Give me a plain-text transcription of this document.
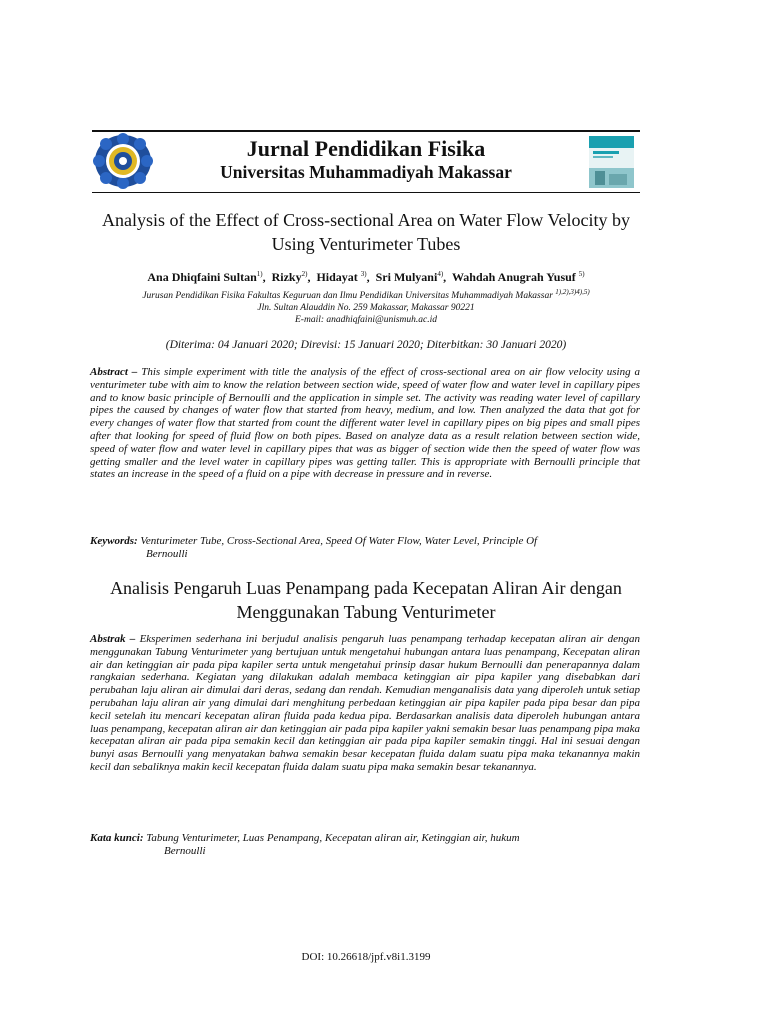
Jurnal Pendidikan Fisika
Universitas Muhammadiyah Makassar
Analysis of the Effect of Cross-sectional Area on Water Flow Velocity by Using Venturimeter Tubes
Ana Dhiqfaini Sultan$^{1)}$,  Rizky$^{2)}$,  Hidayat $^{3)}$,  Sri Mulyani$^{4)}$,  Wahdah Anugrah Yusuf $^{5)}$
Jurusan Pendidikan Fisika Fakultas Keguruan dan Ilmu Pendidikan Universitas Muhammadiyah Makassar $^{1),2),3)4),5)}$
Jln. Sultan Alauddin No. 259 Makassar, Makassar 90221
E-mail: anadhiqfaini@unismuh.ac.id
(Diterima: 04 Januari 2020; Direvisi: 15 Januari 2020; Diterbitkan: 30 Januari 2020)
Abstract – This simple experiment with title the analysis of the effect of cross-sectional area on air flow velocity using a venturimeter tube with aim to know the relation between section wide, speed of water flow and water level in capillary pipes and to know basic principle of Bernoulli and the application in simple set. The activity was reading water level of capillary pipes the caused by changes of water flow that started from heavy, medium, and low. Then analyzed the data that got for every changes of water flow that started from count the different water level in capillary pipes on big pipes and small pipes after that looking for speed of fluid flow on both pipes. Based on analyze data as a result relation between section wide, speed of water flow and water level in capillary pipes that was as bigger of section wide then the speed of water flow was getting smaller and the level water in capillary pipes was getting taller. This is appropriate with Bernoulli principle that states an increase in the speed of a fluid on a pipe with decrease in pressure and in reverse.
Keywords: Venturimeter Tube, Cross-Sectional Area, Speed Of Water Flow, Water Level, Principle Of
Bernoulli
Analisis Pengaruh Luas Penampang pada Kecepatan Aliran Air dengan Menggunakan Tabung Venturimeter
Abstrak – Eksperimen sederhana ini berjudul analisis pengaruh luas penampang terhadap kecepatan aliran air dengan menggunakan Tabung Venturimeter yang bertujuan untuk mengetahui hubungan antara luas penampang, Kecepatan aliran air dan ketinggian air pada pipa kapiler serta untuk mengetahui prinsip dasar hukum Bernoulli dan penerapannya dalam rangkaian sederhana. Kegiatan yang dilakukan adalah membaca ketinggian air pipa kapiler yang disebabkan dari perubahan laju aliran air dimulai dari deras, sedang dan rendah. Kemudian menganalisis data yang diperoleh untuk setiap perubahan laju aliran air yang dimulai dari menghitung perbedaan ketinggian air pipa kapiler pada pipa besar dan pipa kecil setelah itu mencari kecepatan aliran fluida pada kedua pipa. Berdasarkan analisis data diperoleh hubungan antara luas penampang, kecepatan aliran air dan ketinggian air pada pipa kapiler yakni semakin besar luas penampang pipa maka kecepatan aliran air pada pipa semakin kecil dan ketinggian air pada pipa kapiler semakin tinggi. Hal ini sesuai dengan bunyi asas Bernoulli yang menyatakan bahwa semakin besar kecepatan fluida dalam suatu pipa maka tekanannya makin kecil dan sebaliknya makin kecil kecepatan fluida dalam suatu pipa maka semakin besar tekanannya.
Kata kunci: Tabung Venturimeter, Luas Penampang, Kecepatan aliran air, Ketinggian air, hukum
Bernoulli
DOI: 10.26618/jpf.v8i1.3199
